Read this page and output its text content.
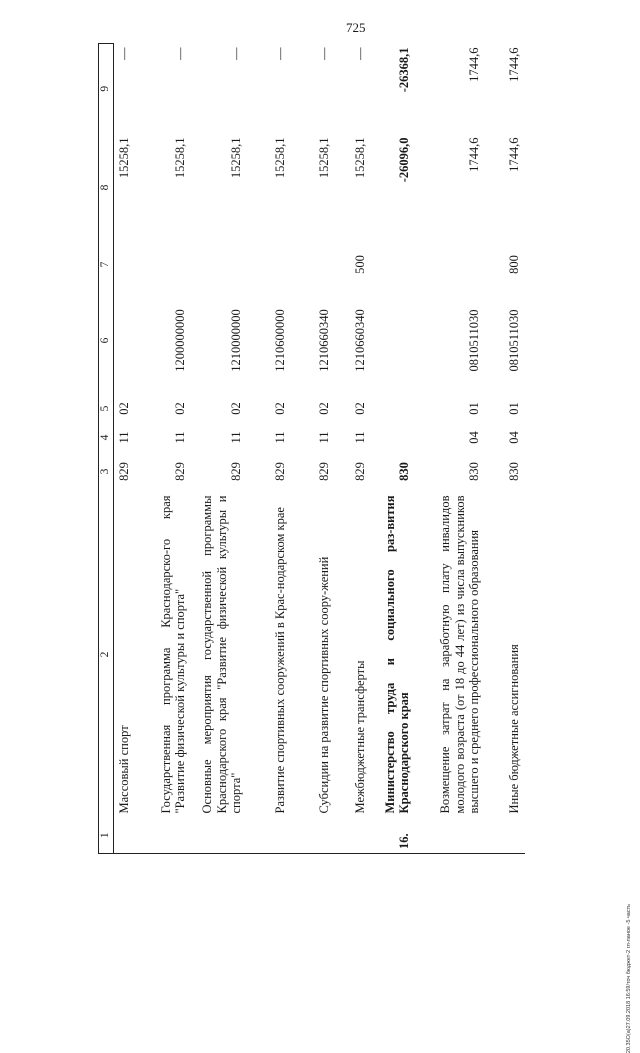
725
1	2	3	4	5	6	7	8	9
	Массовый спорт	829	11	02			15258,1	—
	Государственная программа Краснодарско-го края "Развитие физической культуры и спорта"	829	11	02	1200000000		15258,1	—
	Основные мероприятия государственной программы Краснодарского края "Развитие физической культуры и спорта"	829	11	02	1210000000		15258,1	—
	Развитие спортивных сооружений в Крас-нодарском крае	829	11	02	1210600000		15258,1	—
	Субсидии на развитие спортивных соору-жений	829	11	02	1210660340		15258,1	—
	Межбюджетные трансферты	829	11	02	1210660340	500	15258,1	—
16.	Министерство труда и социального раз-вития Краснодарского края	830					-26096,0	-26368,1
	Возмещение затрат на заработную плату инвалидов молодого возраста (от 18 до 44 лет) из числа выпускников высшего и среднего профессионального образования	830	04	01	0810511030		1744,6	1744,6
	Иные бюджетные ассигнования	830	04	01	0810511030	800	1744,6	1744,6
20.35О(а)27.09.2018 16:59/точ бюджет-2 гл-ланое -5 часть
